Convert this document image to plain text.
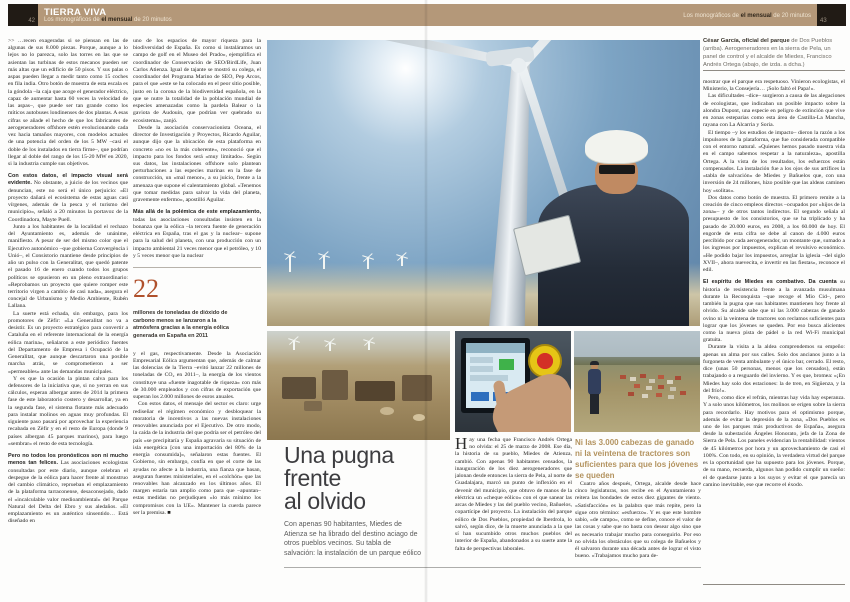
42
TIERRA VIVA
Los monográficos de el mensual de 20 minutos
Los monográficos de el mensual de 20 minutos
43

>> …recen exageradas si se piensan en las de algunas de sus 8.000 piezas. Porque, aunque a lo lejos no lo parezca, solo las torres en las que se asientan las turbinas de estos mecanos pueden ser más altas que un edificio de 50 pisos. Y sus palas o aspas pueden llegar a medir tanto como 15 coches en fila india. Otro botón de muestra de esta escala es la góndola –la caja que acoge el generador eléctrico, capaz de aumentar hasta 60 veces la velocidad de las aspas–, que puede ser tan grande como los míticos autobuses londinenses de dos plantas. A esas cifras se añade el hecho de que los fabricantes de aerogeneradores offshore estén evolucionando cada vez hacia tamaños mayores, con modelos actuales de una potencia del orden de los 5 MW –casi el doble de los instalados en tierra firme–, que podrían llegar al doble del rango de los 15-20 MW en 2020, si la industria cumple sus objetivos.

Con estos datos, el impacto visual será evidente. No obstante, a juicio de los vecinos que denuncian, este no será el único perjuicio: «El proyecto dañará el ecosistema de estas aguas casi vírgenes, además de la pesca y el turismo del municipio», señaló a 20 minutos la portavoz de la Coordinadora, Mayte Puell.

Junto a los habitantes de la localidad el rechazo del Ayuntamiento es, además de unánime, manifiesto. A pesar de ser del mismo color que el Ejecutivo autonómico –que gobierna Convergència i Unió–, el Consistorio mantiene desde principios de año un pulso con la Generalitat, que quedó patente el pasado 16 de enero cuando todos los grupos políticos se opusieron en un pleno extraordinario: «Reprobamos un proyecto que quiere romper este territorio virgen a cambio de casi nada», asegura el concejal de Urbanismo y Medio Ambiente, Rubén Lallana.

La suerte está echada, sin embargo, para los promotores de Zèfir: «La Generalitat no va a desistir. Es un proyecto estratégico para convertir a Cataluña en el referente internacional de la energía eólica marina», señalaron a este periódico fuentes del Departamento de Empresa i Ocupació de la Generalitat, que aunque descartaron una posible marcha atrás, se comprometieron a ser «permeables» ante las demandas municipales.

Y es que la ocasión la pintan calva para los defensores de la iniciativa que, si no yerran en sus cálculos, esperan albergar antes de 2014 la primera fase de este laboratorio costero y desarrollar, ya en la segunda fase, el sistema flotante más adecuado para instalar molinos en aguas muy profundas. El siguiente paso pasará por aprovechar la experiencia recabada en Zèfir y en el resto de Europa (donde 9 países albergan 45 parques marinos), para luego «sembrar» el resto de esta tecnología.

Pero no todos los pronósticos son ni mucho menos tan felices. Las asociaciones ecologistas consultadas por este diario, aunque celebran el despegue de la eólica para hacer frente al monstruo del cambio climático, reprueban el emplazamiento de la plataforma tarraconense, desaconsejado, dado el «incalculable valor medioambiental» del Parque Natural del Delta del Ebro y sus aledaños. «El emplazamiento es un auténtico sinsentido… Está diseñado en

uno de los espacios de mayor riqueza para la biodiversidad de España. Es como si instaláramos un campo de golf en el Museo del Prado», ejemplifica el coordinador de Conservación de SEO/BirdLife, Juan Carlos Atienza. Igual de tajante se mostró su colega, el coordinador del Programa Marino de SEO, Pep Arcos, para el que «este se ha colocado en el peor sitio posible, justo en la corona de la biodiversidad española, en la que se nutre la totalidad de la población mundial de especies amenazadas como la pardela Balear o la gaviota de Audouin, que podrían ver quebrado su ecosistema», zanjó.

Desde la asociación conservacionista Oceana, el director de Investigación y Proyectos, Ricardo Aguilar, aunque dijo que la ubicación de esta plataforma en concreto «no es la más coherente», reconoció que el impacto para los fondos será «muy limitado». Según sus datos, las instalaciones offshore solo plantean perturbaciones a las especies marinas en la fase de construcción, un «mal menor», a su juicio, frente a la amenaza que supone el calentamiento global. «Tenemos que tomar medidas para salvar la vida del planeta, gravemente enfermo», apostilló Aguilar.

Más allá de la polémica de este emplazamiento, todas las asociaciones consultadas insisten en la bonanza que la eólica –la tercera fuente de generación eléctrica en España, tras el gas y la nuclear– supone para la salud del planeta, con una producción con un impacto ambiental 21 veces menor que el petróleo, y 10 y 5 veces menor que la nuclear

22
millones de toneladas de dióxido de carbono menos se lanzaron a la atmósfera gracias a la energía eólica generada en España en 2011

y el gas, respectivamente. Desde la Asociación Empresarial Eólica argumentan que, además de calmar las dolencias de la Tierra –evitó lanzar 22 millones de toneladas de CO₂ en 2011–, la energía de los vientos constituye una «fuente inagotable de riqueza» con más de 30.000 empleados y con cifras de exportación que superan los 2.000 millones de euros anuales.

Con estos datos, el mensaje del sector es claro: urge rediseñar el régimen económico y desbloquear la moratoria de incentivos a las nuevas instalaciones renovables anunciada por el Ejecutivo. De otro modo, la caída de la industria del que podría ser el petróleo del país «se precipitaría y España agravaría su situación de isla energética [con una importación del 80% de la energía consumida]», señalaron estas fuentes. El Gobierno, sin embargo, confía en que el corte de las ayudas no afecte a la industria, una fianza que basan, aseguran fuentes ministeriales, en el «colchón» que las renovables han alcanzado en los últimos años. El margen estaría tan amplio como para que –apuntan– estas medidas no perjudiquen «lo más mínimo los compromisos con la UE». Mantener la cuerda parece ser la premisa. ■

Una pugna
frente
al olvido
Con apenas 90 habitantes, Miedes de Atienza se ha librado del destino aciago de otros pueblos vecinos. Su tabla de salvación: la instalación de un parque eólico

Hay una fecha que Francisco Andrés Ortega no olvida: el 25 de marzo de 2008. Ese día, la historia de su pueblo, Miedes de Atienza, cambió. Con apenas 90 habitantes censados, la inauguración de los diez aerogeneradores que jalonan desde entonces la sierra de Pela, al norte de Guadalajara, marcó un punto de inflexión en el devenir del municipio, que obtuvo de manos de la eléctrica un «cheque eólico» con el que sanear las arcas de Miedes y las del pueblo vecino, Bañuelos, copartícipe del proyecto. La instalación del parque eólico de Dos Pueblos, propiedad de Iberdrola, lo salvó, según dice, de la muerte anunciada a la que sí han sucumbido otros muchos pueblos del interior de España, abandonados a su suerte ante la falta de perspectivas laborales.

Ni las 3.000 cabezas de ganado ni la veintena de tractores son suficientes para que los jóvenes se queden

Cuatro años después, Ortega, alcalde desde hace cinco legislaturas, nos recibe en el Ayuntamiento y reitera las bondades de estos diez gigantes de viento. «Satisfacción» es la palabra que más repite, pero la sigue otro término: «esfuerzo». Y es que este hombre sabio, «de campo», como se define, conoce el valor de las cosas y sabe que no basta con desear algo sino que es necesario trabajar mucho para conseguirlo. Por eso no olvida los obstáculos que su colega de Bañuelos y él salvaron durante una década antes de lograr el visto bueno. «Trabajamos mucho para de-

César García, oficial del parque de Dos Pueblos (arriba). Aerogeneradores en la sierra de Pela, un panel de control y el alcalde de Miedes, Francisco Andrés Ortega (abajo, de izda. a dcha.)

mostrar que el parque era respetuoso. Vinieron ecologistas, el Ministerio, la Consejería… ¡Solo faltó el Papa!».

Las dificultades –dice– surgieron a causa de las alegaciones de ecologistas, que indicaban un posible impacto sobre la alondra Dupont, una especie en peligro de extinción que vive en zonas esteparias como esta área de Castilla-La Mancha, rayana con La Alcarria y Soria.

El tiempo –y los estudios de impacto– dieron la razón a los impulsores de la plataforma, que fue considerada compatible con el entorno natural. «Quienes hemos pasado nuestra vida en el campo sabemos respetar a la naturaleza», apostilla Ortega. A la vista de los resultados, los esfuerzos están compensados. La instalación fue a los ojos de sus artífices la «tabla de salvación» de Miedes y Bañuelos que, con una inversión de 24 millones, hizo posible que las aldeas caminen hoy «solitas».

Dos datos como botón de muestra. El primero remite a la creación de cinco empleos directos –ocupados por «hijos de la zona»– y de otros tantos indirectos. El segundo señala al presupuesto de los consistorios, que se ha triplicado y ha pasado de 20.000 euros, en 2008, a los 60.000 de hoy. El engorde de esta cifra se debe al canon de 4.000 euros percibido por cada aerogenerador, un montante que, sumado a los ingresos por impuestos, explican el revulsivo económico. «He podido bajar los impuestos, arreglar la iglesia –del siglo XVII–, ahora nuevecita, e invertir en las fiestas», reconoce el edil.

El espíritu de Miedes es combativo. Da cuenta su historia de resistencia frente a la avanzada musulmana durante la Reconquista –que recoge el Mio Cid–, pero también la pugna que sus habitantes mantienen hoy frente al olvido. Su alcalde sabe que ni las 3.000 cabezas de ganado ovino ni la veintena de tractores son reclamos suficientes para lograr que los jóvenes se queden. Por eso busca alicientes como la nueva pista de pádel o la red Wi-Fi municipal gratuita.

Durante la visita a la aldea comprendemos su empeño: apenas un alma por sus calles. Solo dos ancianos junto a la furgoneta de venta ambulante y el único bar, cerrado. El resto, dice (unas 50 personas, menos que los censados), están trabajando o a resguardo del invierno. Y es que, bromea: «¡En Miedes hay solo dos estaciones: la de tren, en Sigüenza, y la del frío!».

Pero, como dice el refrán, mientras hay vida hay esperanza. Y a solo unos kilómetros, los molinos se erigen sobre la sierra para recordarlo. Hay motivos para el optimismo porque, además de evitar la depresión de la zona, «Dos Pueblos es uno de los parques más productivos de España», asegura desde la subestación Ángeles Honorato, jefa de la Zona de Sierra de Pela. Los paneles evidencian la rentabilidad: vientos de 45 kilómetros por hora y un aprovechamiento de casi el 100%. Con todo, en su opinión, la verdadera virtud del parque es la oportunidad que ha supuesto para los jóvenes. Porque, de su mano, recuerda, algunos han podido cumplir un sueño: el de quedarse junto a los suyos y evitar el que parecía un camino inevitable, ese que recorre el éxodo.
